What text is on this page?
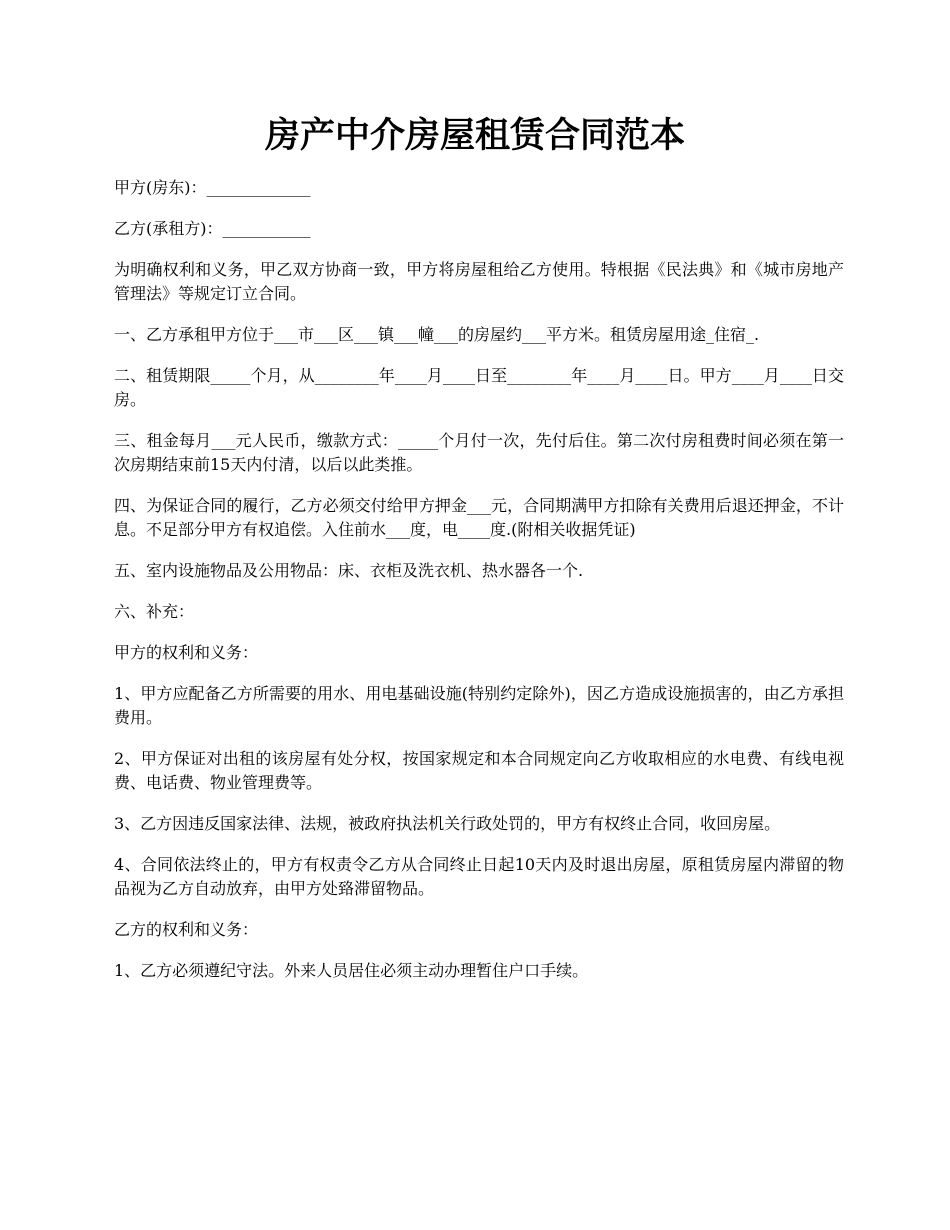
房产中介房屋租赁合同范本

甲方(房东)：_____________

乙方(承租方)：___________

为明确权利和义务，甲乙双方协商一致，甲方将房屋租给乙方使用。特根据《民法典》和《城市房地产管理法》等规定订立合同。

一、乙方承租甲方位于___市___区___镇___幢___的房屋约___平方米。租赁房屋用途_住宿_.

二、租赁期限_____个月，从________年____月____日至________年____月____日。甲方____月____日交房。

三、租金每月___元人民币，缴款方式：_____个月付一次，先付后住。第二次付房租费时间必须在第一次房期结束前15天内付清，以后以此类推。

四、为保证合同的履行，乙方必须交付给甲方押金___元，合同期满甲方扣除有关费用后退还押金，不计息。不足部分甲方有权追偿。入住前水___度，电____度.(附相关收据凭证)

五、室内设施物品及公用物品：床、衣柜及洗衣机、热水器各一个.

六、补充：

甲方的权利和义务：

1、甲方应配备乙方所需要的用水、用电基础设施(特别约定除外)，因乙方造成设施损害的，由乙方承担费用。

2、甲方保证对出租的该房屋有处分权，按国家规定和本合同规定向乙方收取相应的水电费、有线电视费、电话费、物业管理费等。

3、乙方因违反国家法律、法规，被政府执法机关行政处罚的，甲方有权终止合同，收回房屋。

4、合同依法终止的，甲方有权责令乙方从合同终止日起10天内及时退出房屋，原租赁房屋内滞留的物品视为乙方自动放弃，由甲方处臵滞留物品。

乙方的权利和义务：

1、乙方必须遵纪守法。外来人员居住必须主动办理暂住户口手续。
